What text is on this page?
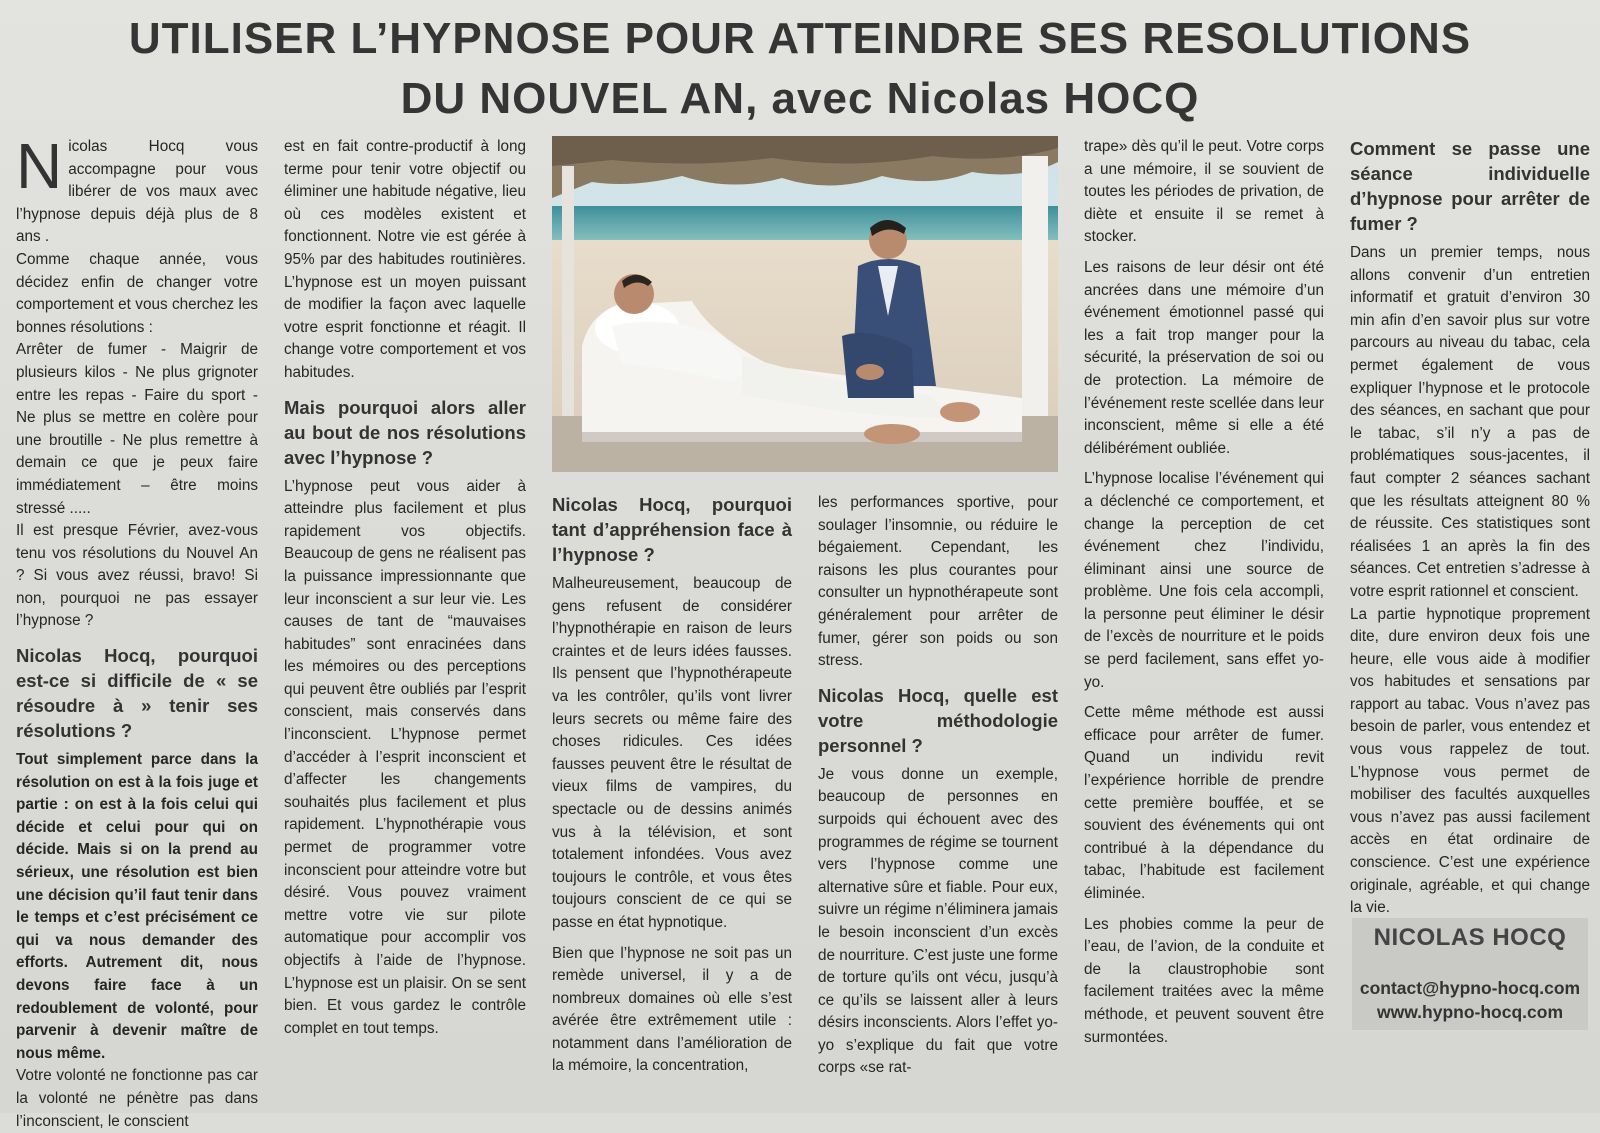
UTILISER L’HYPNOSE POUR ATTEINDRE SES RESOLUTIONS
DU NOUVEL AN, avec Nicolas HOCQ

Nicolas Hocq vous accompagne pour vous libérer de vos maux avec l’hypnose depuis déjà plus de 8 ans .

Comme chaque année, vous décidez enfin de changer votre comportement et vous cherchez les bonnes résolutions :

Arrêter de fumer - Maigrir de plusieurs kilos - Ne plus grignoter entre les repas - Faire du sport - Ne plus se mettre en colère pour une broutille - Ne plus remettre à demain ce que je peux faire immédiatement – être moins stressé .....

Il est presque Février, avez-vous tenu vos résolutions du Nouvel An ? Si vous avez réussi, bravo! Si non, pourquoi ne pas essayer l’hypnose ?

Nicolas Hocq, pourquoi est-ce si difficile de « se résoudre à » tenir ses résolutions ?

Tout simplement parce dans la résolution on est à la fois juge et partie : on est à la fois celui qui décide et celui pour qui on décide. Mais si on la prend au sérieux, une résolution est bien une décision qu’il faut tenir dans le temps et c’est précisément ce qui va nous demander des efforts. Autrement dit, nous devons faire face à un redoublement de volonté, pour parvenir à devenir maître de nous même.

Votre volonté ne fonctionne pas car la volonté ne pénètre pas dans l’inconscient, le conscient

est en fait contre-productif à long terme pour tenir votre objectif ou éliminer une habitude négative, lieu où ces modèles existent et fonctionnent. Notre vie est gérée à 95% par des habitudes routinières. L’hypnose est un moyen puissant de modifier la façon avec laquelle votre esprit fonctionne et réagit. Il change votre comportement et vos habitudes.

Mais pourquoi alors aller au bout de nos résolutions avec l’hypnose ?

L’hypnose peut vous aider à atteindre plus facilement et plus rapidement vos objectifs. Beaucoup de gens ne réalisent pas la puissance impressionnante que leur inconscient a sur leur vie. Les causes de tant de “mauvaises habitudes” sont enracinées dans les mémoires ou des perceptions qui peuvent être oubliés par l’esprit conscient, mais conservés dans l’inconscient. L’hypnose permet d’accéder à l’esprit inconscient et d’affecter les changements souhaités plus facilement et plus rapidement. L’hypnothérapie vous permet de programmer votre inconscient pour atteindre votre but désiré. Vous pouvez vraiment mettre votre vie sur pilote automatique pour accomplir vos objectifs à l’aide de l’hypnose. L’hypnose est un plaisir. On se sent bien. Et vous gardez le contrôle complet en tout temps.

Nicolas Hocq, pourquoi tant d’appréhension face à l’hypnose ?

Malheureusement, beaucoup de gens refusent de considérer l’hypnothérapie en raison de leurs craintes et de leurs idées fausses. Ils pensent que l’hypnothérapeute va les contrôler, qu’ils vont livrer leurs secrets ou même faire des choses ridicules. Ces idées fausses peuvent être le résultat de vieux films de vampires, du spectacle ou de dessins animés vus à la télévision, et sont totalement infondées. Vous avez toujours le contrôle, et vous êtes toujours conscient de ce qui se passe en état hypnotique.

Bien que l’hypnose ne soit pas un remède universel, il y a de nombreux domaines où elle s’est avérée être extrêmement utile : notamment dans l’amélioration de la mémoire, la concentration,

les performances sportive, pour soulager l’insomnie, ou réduire le bégaiement. Cependant, les raisons les plus courantes pour consulter un hypnothérapeute sont généralement pour arrêter de fumer, gérer son poids ou son stress.

Nicolas Hocq, quelle est votre méthodologie personnel ?

Je vous donne un exemple, beaucoup de personnes en surpoids qui échouent avec des programmes de régime se tournent vers l’hypnose comme une alternative sûre et fiable. Pour eux, suivre un régime n’éliminera jamais le besoin inconscient d’un excès de nourriture. C’est juste une forme de torture qu’ils ont vécu, jusqu’à ce qu’ils se laissent aller à leurs désirs inconscients. Alors l’effet yo-yo s’explique du fait que votre corps «se rat-

trape» dès qu’il le peut. Votre corps a une mémoire, il se souvient de toutes les périodes de privation, de diète et ensuite il se remet à stocker.

Les raisons de leur désir ont été ancrées dans une mémoire d’un événement émotionnel passé qui les a fait trop manger pour la sécurité, la préservation de soi ou de protection. La mémoire de l’événement reste scellée dans leur inconscient, même si elle a été délibérément oubliée.

L’hypnose localise l’événement qui a déclenché ce comportement, et change la perception de cet événement chez l’individu, éliminant ainsi une source de problème. Une fois cela accompli, la personne peut éliminer le désir de l’excès de nourriture et le poids se perd facilement, sans effet yo-yo.

Cette même méthode est aussi efficace pour arrêter de fumer. Quand un individu revit l’expérience horrible de prendre cette première bouffée, et se souvient des événements qui ont contribué à la dépendance du tabac, l’habitude est facilement éliminée.

Les phobies comme la peur de l’eau, de l’avion, de la conduite et de la claustrophobie sont facilement traitées avec la même méthode, et peuvent souvent être surmontées.

Comment se passe une séance individuelle d’hypnose pour arrêter de fumer ?

Dans un premier temps, nous allons convenir d’un entretien informatif et gratuit d’environ 30 min afin d’en savoir plus sur votre parcours au niveau du tabac, cela permet également de vous expliquer l’hypnose et le protocole des séances, en sachant que pour le tabac, s’il n’y a pas de problématiques sous-jacentes, il faut compter 2 séances sachant que les résultats atteignent 80 % de réussite. Ces statistiques sont réalisées 1 an après la fin des séances. Cet entretien s’adresse à votre esprit rationnel et conscient.

La partie hypnotique proprement dite, dure environ deux fois une heure, elle vous aide à modifier vos habitudes et sensations par rapport au tabac. Vous n’avez pas besoin de parler, vous entendez et vous vous rappelez de tout. L’hypnose vous permet de mobiliser des facultés auxquelles vous n’avez pas aussi facilement accès en état ordinaire de conscience. C’est une expérience originale, agréable, et qui change la vie.

NICOLAS HOCQ
contact@hypno-hocq.com
www.hypno-hocq.com
